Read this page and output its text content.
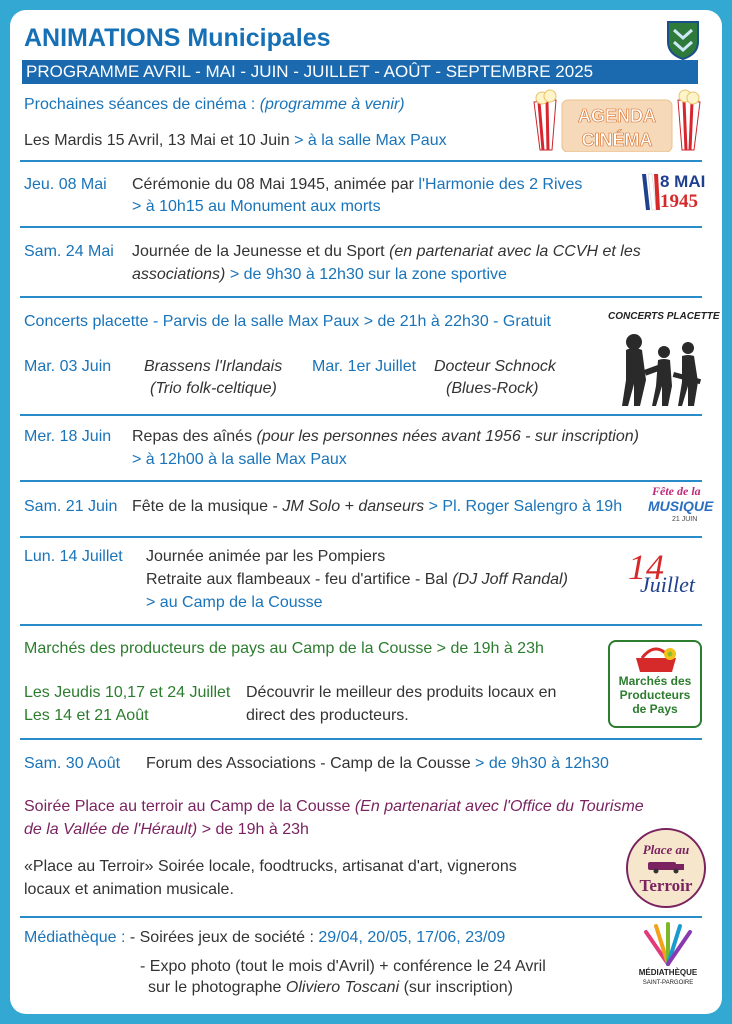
ANIMATIONS Municipales
PROGRAMME AVRIL - MAI - JUIN - JUILLET - AOÛT - SEPTEMBRE 2025
Prochaines séances de cinéma : (programme à venir)
Les Mardis 15 Avril, 13 Mai et 10 Juin > à la salle Max Paux
AGENDA
CINÉMA
Jeu. 08 Mai Cérémonie du 08 Mai 1945, animée par l'Harmonie des 2 Rives
> à 10h15 au Monument aux morts
8 MAI
1945
Sam. 24 Mai Journée de la Jeunesse et du Sport (en partenariat avec la CCVH et les
associations) > de 9h30 à 12h30 sur la zone sportive
Concerts placette - Parvis de la salle Max Paux > de 21h à 22h30 - Gratuit	CONCERTS PLACETTE
Mar. 03 Juin Brassens l'Irlandais
(Trio folk-celtique)
Mar. 1er Juillet Docteur Schnock
(Blues-Rock)
Mer. 18 Juin Repas des aînés (pour les personnes nées avant 1956 - sur inscription)
> à 12h00 à la salle Max Paux
Sam. 21 Juin Fête de la musique - JM Solo + danseurs > Pl. Roger Salengro à 19h
Fête de la
MUSIQUE
21 JUIN
Lun. 14 Juillet Journée animée par les Pompiers
Retraite aux flambeaux - feu d'artifice - Bal (DJ Joff Randal)
> au Camp de la Cousse
14
Juillet
Marchés des producteurs de pays au Camp de la Cousse > de 19h à 23h
Les Jeudis 10,17 et 24 Juillet
Les 14 et 21 Août
Découvrir le meilleur des produits locaux en
direct des producteurs.
Marchés des
Producteurs
de Pays
Sam. 30 Août Forum des Associations - Camp de la Cousse > de 9h30 à 12h30
Soirée Place au terroir au Camp de la Cousse (En partenariat avec l'Office du Tourisme
de la Vallée de l'Hérault) > de 19h à 23h
«Place au Terroir» Soirée locale, foodtrucks, artisanat d'art, vignerons
locaux et animation musicale.
Place au
Terroir
Médiathèque : - Soirées jeux de société : 29/04, 20/05, 17/06, 23/09
- Expo photo (tout le mois d'Avril) + conférence le 24 Avril
sur le photographe Oliviero Toscani (sur inscription)
MÉDIATHÈQUE
SAINT-PARGOIRE
